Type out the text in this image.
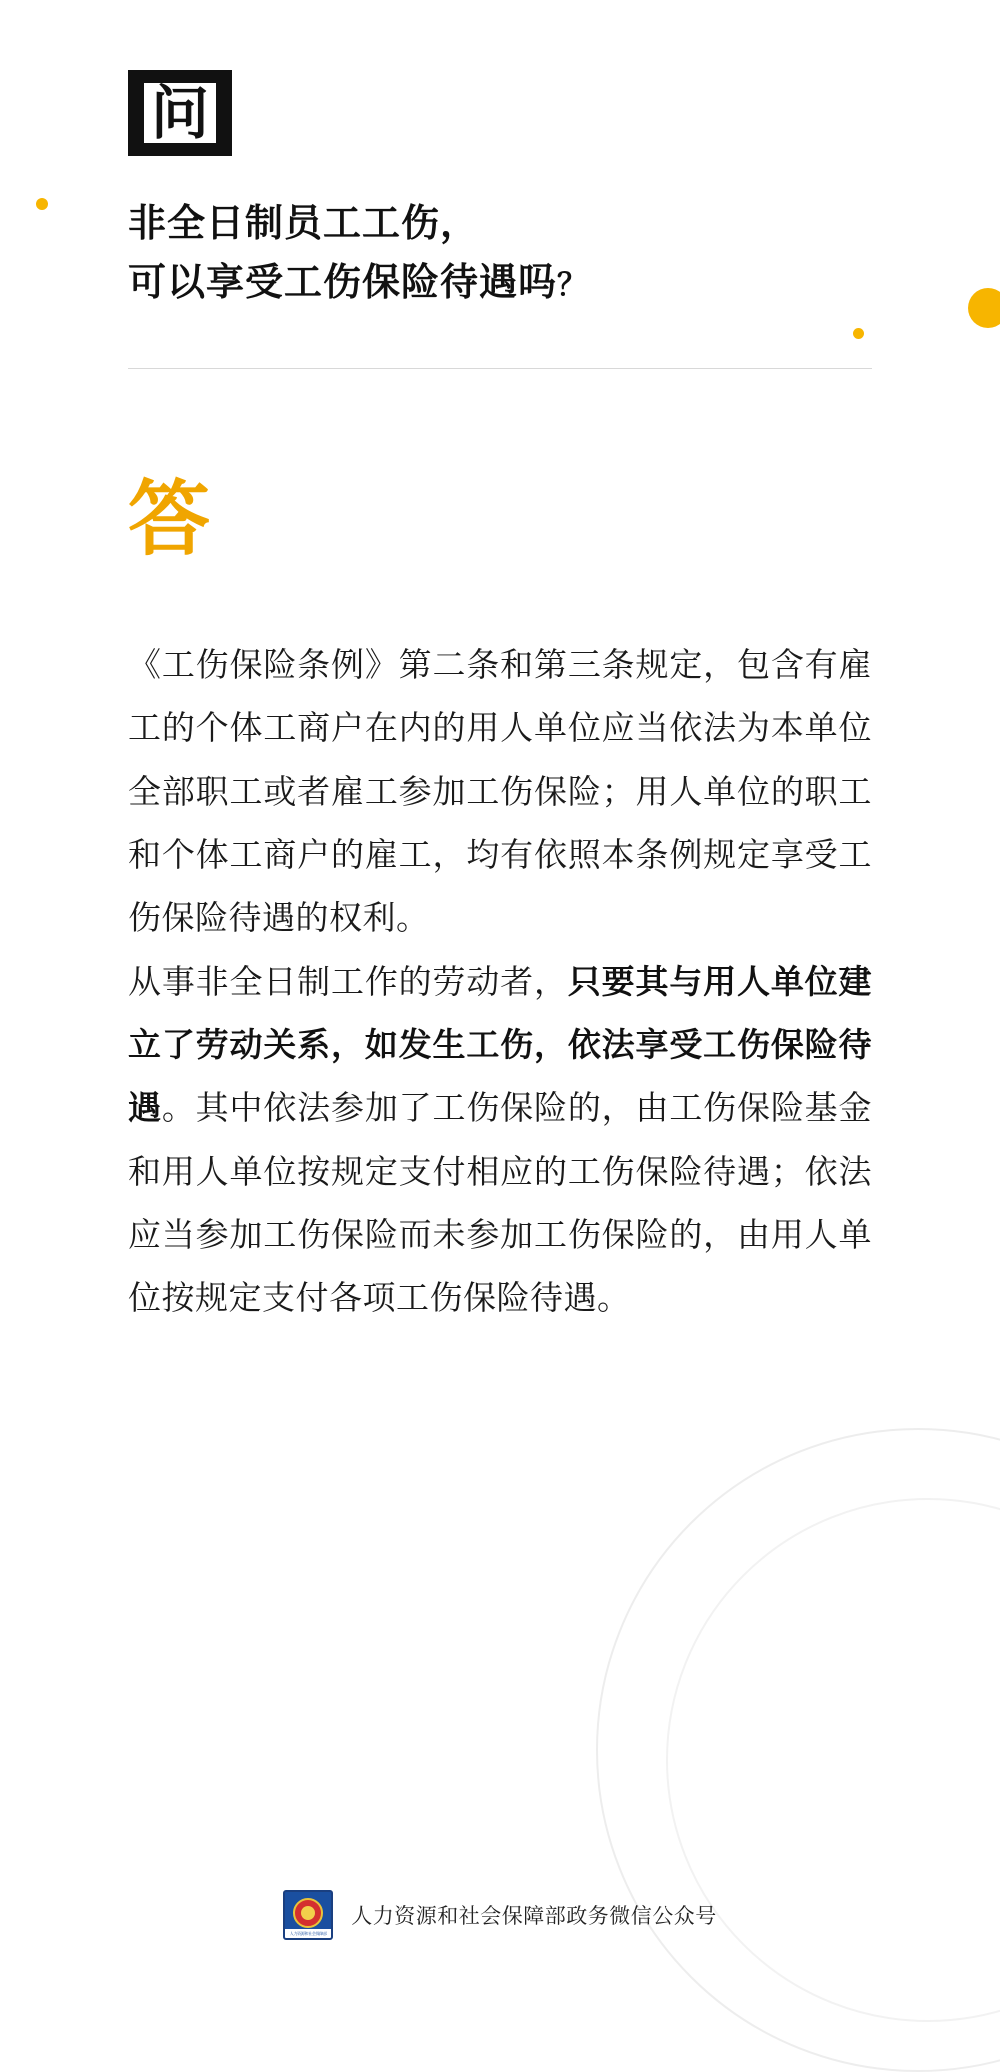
问
非全日制员工工伤，
可以享受工伤保险待遇吗？
答

《工伤保险条例》第二条和第三条规定，包含有雇工的个体工商户在内的用人单位应当依法为本单位全部职工或者雇工参加工伤保险；用人单位的职工和个体工商户的雇工，均有依照本条例规定享受工伤保险待遇的权利。

从事非全日制工作的劳动者，只要其与用人单位建立了劳动关系，如发生工伤，依法享受工伤保险待遇。其中依法参加了工伤保险的，由工伤保险基金和用人单位按规定支付相应的工伤保险待遇；依法应当参加工伤保险而未参加工伤保险的，由用人单位按规定支付各项工伤保险待遇。

人力资源和社会保障部
人力资源和社会保障部政务微信公众号
